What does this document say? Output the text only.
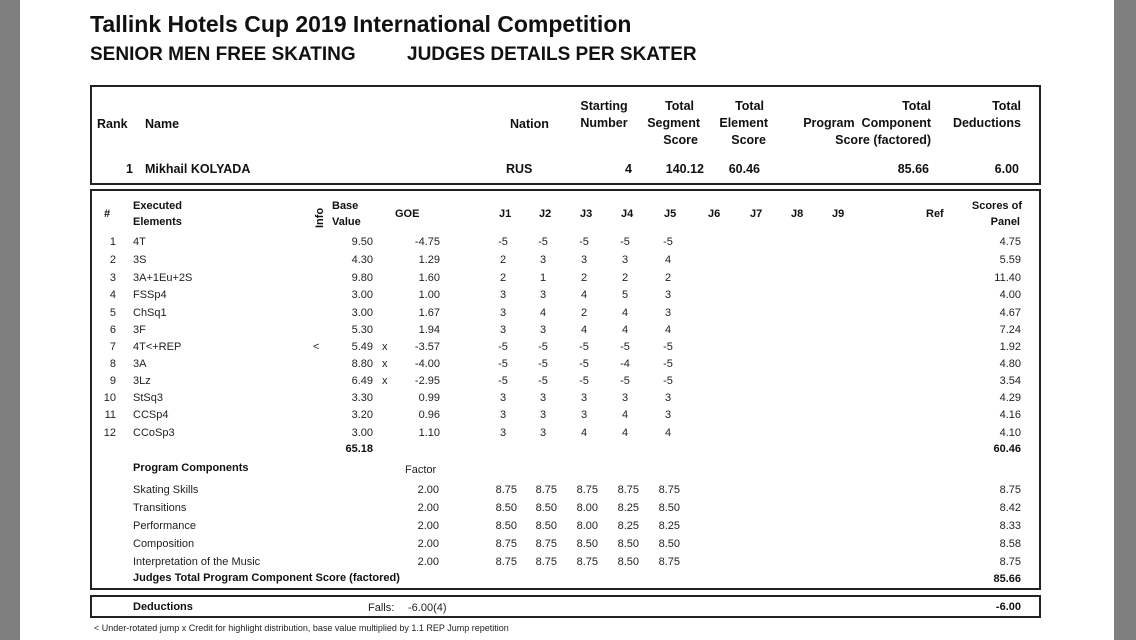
Tallink Hotels Cup 2019 International Competition
SENIOR MEN FREE SKATING	JUDGES DETAILS PER SKATER
Rank Name	Nation
Starting
Number
Total
Segment
Score
Total
Element
Score
Total
Program  Component
Score (factored)
Total
Deductions
1 Mikhail KOLYADA	RUS	4	140.12	60.46	85.66	6.00
#
Executed
Elements	Info
Base
Value
GOE	J1	J2	J3	J4	J5	J6	J7	J8	J9	Ref
Scores of
Panel
1 4T	9.50	-4.75	-5	-5	-5	-5	-5	4.75
2 3S	4.30	1.29	2	3	3	3	4	5.59
3 3A+1Eu+2S	9.80	1.60	2	1	2	2	2	11.40
4 FSSp4	3.00	1.00	3	3	4	5	3	4.00
5 ChSq1	3.00	1.67	3	4	2	4	3	4.67
6 3F	5.30	1.94	3	3	4	4	4	7.24
7 4T<+REP	<	5.49 x	-3.57	-5	-5	-5	-5	-5	1.92
8 3A	8.80 x	-4.00	-5	-5	-5	-4	-5	4.80
9 3Lz	6.49 x	-2.95	-5	-5	-5	-5	-5	3.54
10 StSq3	3.30	0.99	3	3	3	3	3	4.29
11 CCSp4	3.20	0.96	3	3	3	4	3	4.16
12 CCoSp3	3.00	1.10	3	3	4	4	4	4.10
65.18	60.46
Program Components	Factor
Skating Skills	2.00	8.75	8.75	8.75	8.75	8.75	8.75
Transitions	2.00	8.50	8.50	8.00	8.25	8.50	8.42
Performance	2.00	8.50	8.50	8.00	8.25	8.25	8.33
Composition	2.00	8.75	8.75	8.50	8.50	8.50	8.58
Interpretation of the Music	2.00	8.75	8.75	8.75	8.50	8.75	8.75
Judges Total Program Component Score (factored)	85.66
Deductions	Falls: -6.00(4)	-6.00
< Under-rotated jump x Credit for highlight distribution, base value multiplied by 1.1 REP Jump repetition
